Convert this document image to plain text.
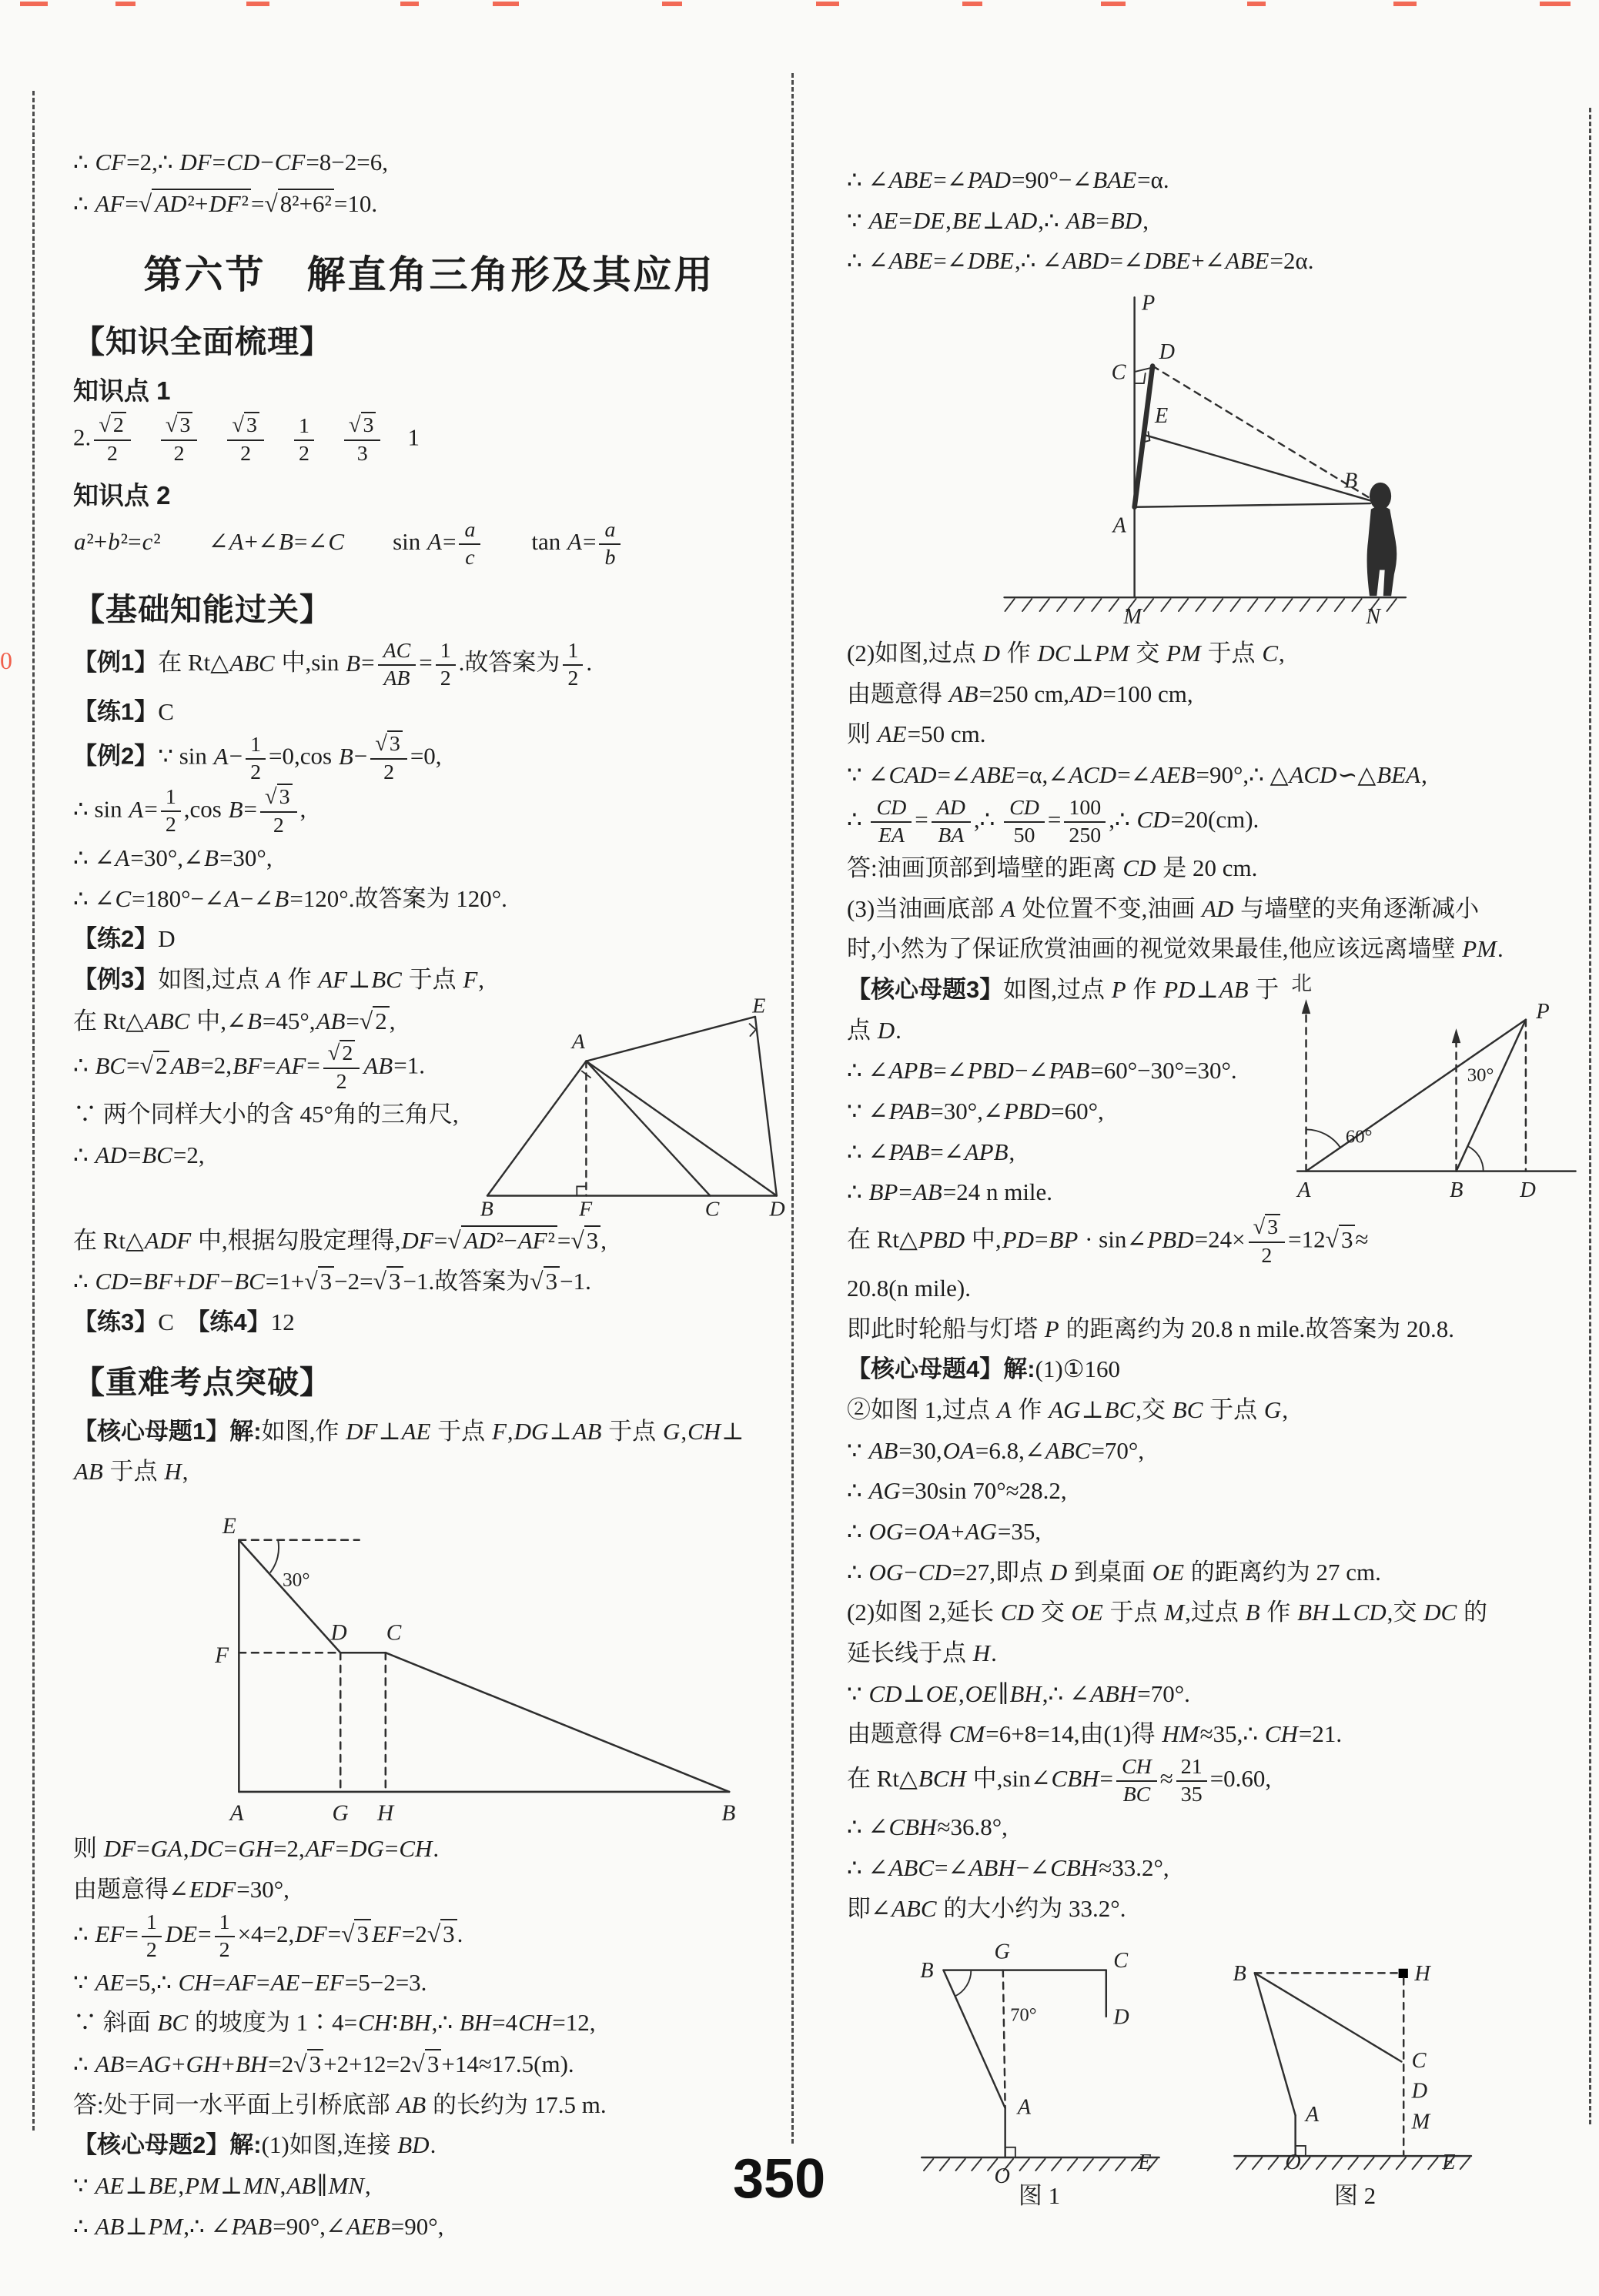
0
∴ CF=2,∴ DF=CD−CF=8−2=6,
∴ AF=√ AD²+DF²=√8²+6²=10.
第六节　解直角三角形及其应用
【知识全面梳理】
知识点 1
2. $\frac{√ 2}{2}$
　 $\frac{√ 3}{2}$
　 $\frac{√ 3}{2}$
　 $\frac{1}{2}$
　 $\frac{√ 3}{3}$ 　1
知识点 2
a²+b²=c²　　∠A+∠B=∠C　　$\sin A= \frac{a}{c}$ 　　$\tan A= \frac{a}{b}$
【基础知能过关】
【例1】在 Rt△ABC 中,sin $B= \frac{AC}{AB} = \frac{1}{2}$ .故答案为 $\frac{1}{2}$ .
【练1】C
【例2】∵ $\sin A- \frac{1}{2} =0,\cos$ $B- \frac{√ 3}{2} =0$,
∴ $\sin A= \frac{1}{2} ,\cos$ $B= \frac{√ 3}{2}$ ,
∴ ∠A=30°,∠B=30°,
∴ ∠C=180°−∠A−∠B=120°.故答案为 120°.
【练2】D
【例3】如图,过点 A 作 AF⊥BC 于点 F,
在 Rt△ABC 中,∠B=45°,AB=√2,
∴ BC=√2 $AB=2,BF=AF= \frac{√ 2}{2} AB=1$.
∵ 两个同样大小的含 45°角的三角尺,
∴ AD=BC=2,
A
E
B	F	C D
在 Rt△ADF 中,根据勾股定理得,DF=√ AD²−AF²=√3,
∴ CD=BF+DF−BC=1+√3−2=√3−1.故答案为√3−1.
【练3】C　【练4】12
【重难考点突破】
【核心母题1】解:如图,作 DF⊥AE 于点 F,DG⊥AB 于点 G,CH⊥
AB 于点 H,
30°
E
F
D C
A	G H	B
则 DF=GA,DC=GH=2,AF=DG=CH.
由题意得∠EDF=30°,
∴ $EF= \frac{1}{2} DE= \frac{1}{2} \times 4=2,DF=√3$ EF=2√3.
∵ AE=5,∴ CH=AF=AE−EF=5−2=3.
∵ 斜面 BC 的坡度为 1∶4=CH∶BH,∴ BH=4CH=12,
∴ AB=AG+GH+BH=2√3+2+12=2√3+14≈17.5(m).
答:处于同一水平面上引桥底部 AB 的长约为 17.5 m.
【核心母题2】解:(1)如图,连接 BD.
∵ AE⊥BE,PM⊥MN,AB∥MN,
∴ AB⊥PM,∴ ∠PAB=90°,∠AEB=90°,
∴ ∠ABE=∠PAD=90°−∠BAE=α.
∵ AE=DE,BE⊥AD,∴ AB=BD,
∴ ∠ABE=∠DBE,∴ ∠ABD=∠DBE+∠ABE=2α.
P
C
D
E
B
A
M	N
(2)如图,过点 D 作 DC⊥PM 交 PM 于点 C,
由题意得 AB=250 cm,AD=100 cm,
则 AE=50 cm.
∵ ∠CAD=∠ABE=α,∠ACD=∠AEB=90°,∴ △ACD∽△BEA,
∴ $\frac{CD}{EA} = \frac{AD}{BA}$ ,∴ $\frac{CD}{50} = \frac{100}{250}$ ,∴ CD=20(cm).
答:油画顶部到墙壁的距离 CD 是 20 cm.
(3)当油画底部 A 处位置不变,油画 AD 与墙壁的夹角逐渐减小
时,小然为了保证欣赏油画的视觉效果最佳,他应该远离墙壁 PM.
【核心母题3】如图,过点 P 作 PD⊥AB 于
点 D.
∴ ∠APB=∠PBD−∠PAB=60°−30°=30°.
∵ ∠PAB=30°,∠PBD=60°,
∴ ∠PAB=∠APB,
∴ BP=AB=24 n mile.
北
60°
30°
P
A	B D
在 Rt△PBD 中,PD=BP · sin∠PBD=24× $\frac{√ 3}{2} =12√3\approx$
20.8(n mile).
即此时轮船与灯塔 P 的距离约为 20.8 n mile.故答案为 20.8.
【核心母题4】解:(1)①160
②如图 1,过点 A 作 AG⊥BC,交 BC 于点 G,
∵ AB=30,OA=6.8,∠ABC=70°,
∴ AG=30sin 70°≈28.2,
∴ OG=OA+AG=35,
∴ OG−CD=27,即点 D 到桌面 OE 的距离约为 27 cm.
(2)如图 2,延长 CD 交 OE 于点 M,过点 B 作 BH⊥CD,交 DC 的
延长线于点 H.
∵ CD⊥OE,OE∥BH,∴ ∠ABH=70°.
由题意得 CM=6+8=14,由(1)得 HM≈35,∴ CH=21.
在 Rt△BCH 中,sin∠CBH= $\frac{CH}{BC} \approx \frac{21}{35} =0.60$,
∴ ∠CBH≈36.8°,
∴ ∠ABC=∠ABH−∠CBH≈33.2°,
即∠ABC 的大小约为 33.2°.
G
B	C
D
70°
A
O
E
图 1
B	H
C
D
M
A
O	E
图 2
350
